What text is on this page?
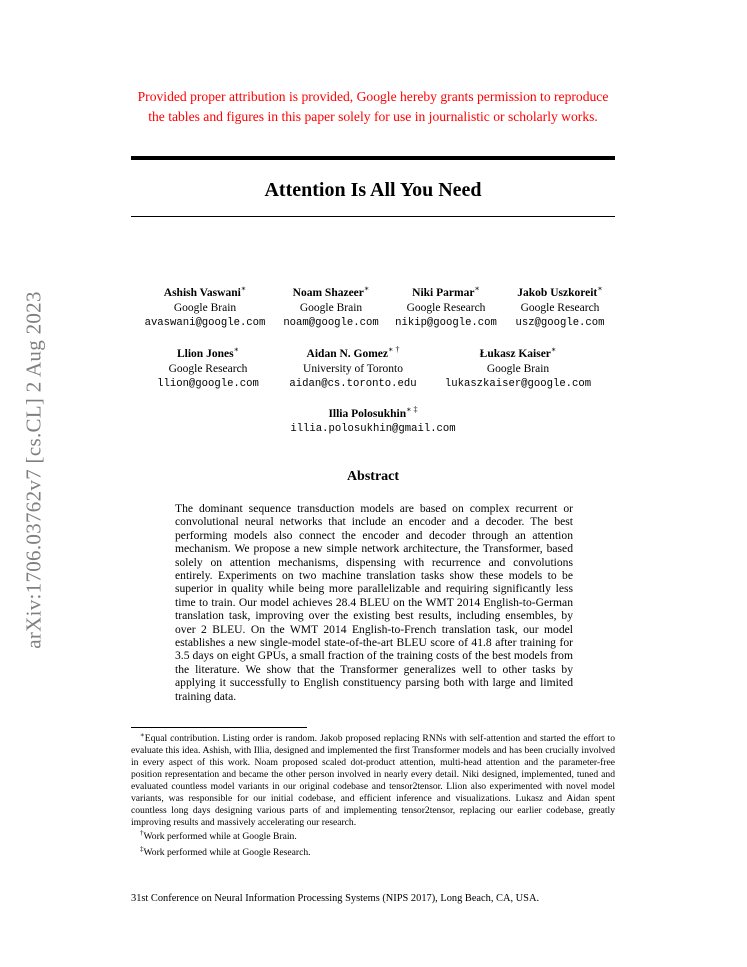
arXiv:1706.03762v7 [cs.CL] 2 Aug 2023
Provided proper attribution is provided, Google hereby grants permission to reproduce the tables and figures in this paper solely for use in journalistic or scholarly works.
Attention Is All You Need
Ashish Vaswani∗
Google Brain
avaswani@google.com
Noam Shazeer∗
Google Brain
noam@google.com
Niki Parmar∗
Google Research
nikip@google.com
Jakob Uszkoreit∗
Google Research
usz@google.com
Llion Jones∗
Google Research
llion@google.com
Aidan N. Gomez∗ †
University of Toronto
aidan@cs.toronto.edu
Łukasz Kaiser∗
Google Brain
lukaszkaiser@google.com
Illia Polosukhin∗ ‡
illia.polosukhin@gmail.com
Abstract
The dominant sequence transduction models are based on complex recurrent or convolutional neural networks that include an encoder and a decoder. The best performing models also connect the encoder and decoder through an attention mechanism. We propose a new simple network architecture, the Transformer, based solely on attention mechanisms, dispensing with recurrence and convolutions entirely. Experiments on two machine translation tasks show these models to be superior in quality while being more parallelizable and requiring significantly less time to train. Our model achieves 28.4 BLEU on the WMT 2014 English-to-German translation task, improving over the existing best results, including ensembles, by over 2 BLEU. On the WMT 2014 English-to-French translation task, our model establishes a new single-model state-of-the-art BLEU score of 41.8 after training for 3.5 days on eight GPUs, a small fraction of the training costs of the best models from the literature. We show that the Transformer generalizes well to other tasks by applying it successfully to English constituency parsing both with large and limited training data.

∗Equal contribution. Listing order is random. Jakob proposed replacing RNNs with self-attention and started the effort to evaluate this idea. Ashish, with Illia, designed and implemented the first Transformer models and has been crucially involved in every aspect of this work. Noam proposed scaled dot-product attention, multi-head attention and the parameter-free position representation and became the other person involved in nearly every detail. Niki designed, implemented, tuned and evaluated countless model variants in our original codebase and tensor2tensor. Llion also experimented with novel model variants, was responsible for our initial codebase, and efficient inference and visualizations. Lukasz and Aidan spent countless long days designing various parts of and implementing tensor2tensor, replacing our earlier codebase, greatly improving results and massively accelerating our research.

†Work performed while at Google Brain.

‡Work performed while at Google Research.

31st Conference on Neural Information Processing Systems (NIPS 2017), Long Beach, CA, USA.
